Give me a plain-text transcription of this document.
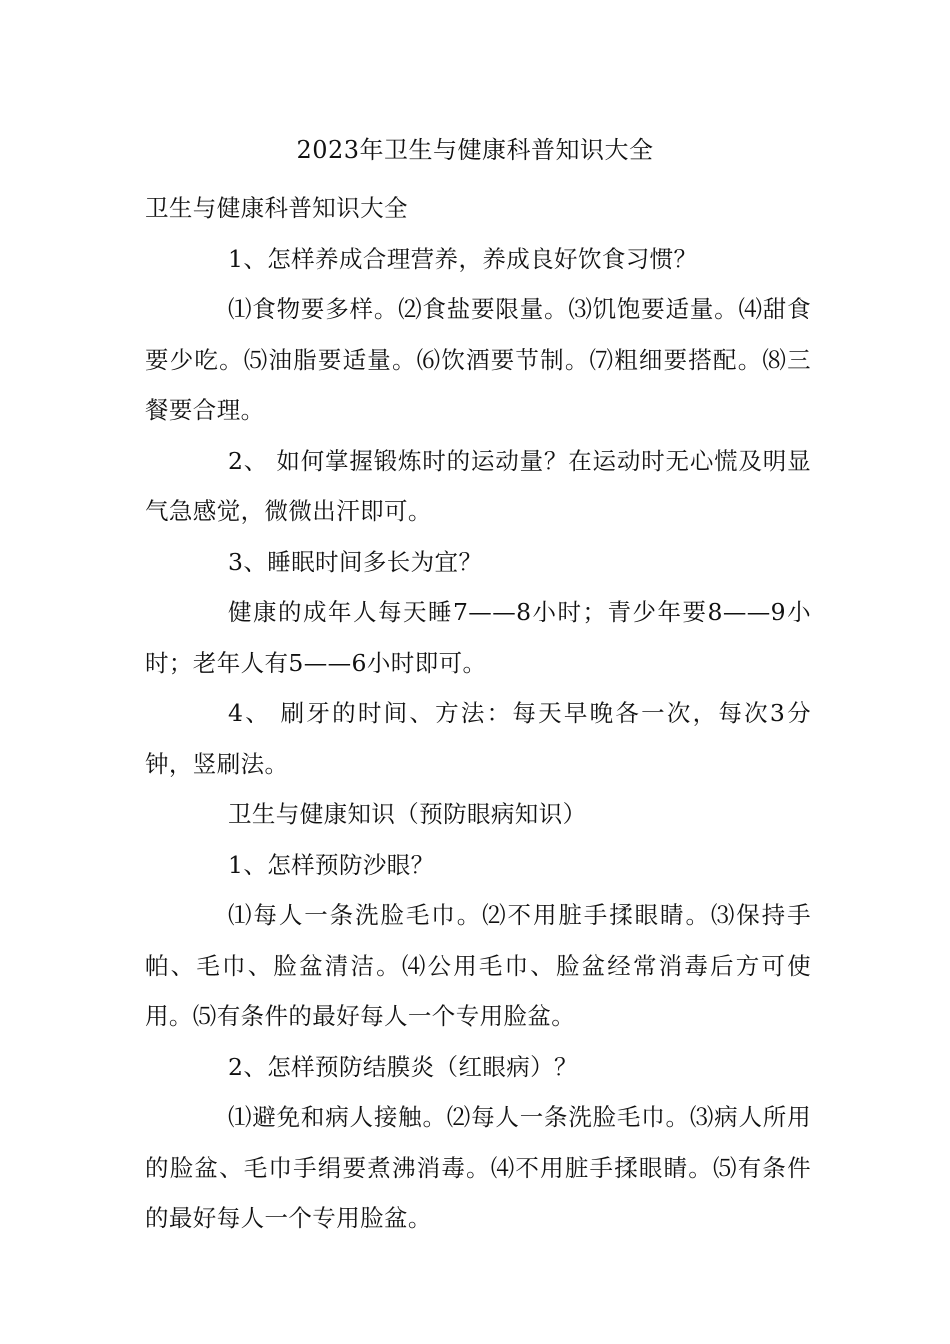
2023年卫生与健康科普知识大全

卫生与健康科普知识大全

1、怎样养成合理营养，养成良好饮食习惯？

⑴食物要多样。⑵食盐要限量。⑶饥饱要适量。⑷甜食要少吃。⑸油脂要适量。⑹饮酒要节制。⑺粗细要搭配。⑻三餐要合理。

2、 如何掌握锻炼时的运动量？在运动时无心慌及明显气急感觉，微微出汗即可。

3、睡眠时间多长为宜？

健康的成年人每天睡7——8小时；青少年要8——9小时；老年人有5——6小时即可。

4、 刷牙的时间、方法：每天早晚各一次，每次3分钟，竖刷法。

卫生与健康知识（预防眼病知识）

1、怎样预防沙眼？

⑴每人一条洗脸毛巾。⑵不用脏手揉眼睛。⑶保持手帕、毛巾、脸盆清洁。⑷公用毛巾、脸盆经常消毒后方可使用。⑸有条件的最好每人一个专用脸盆。

2、怎样预防结膜炎（红眼病）？

⑴避免和病人接触。⑵每人一条洗脸毛巾。⑶病人所用的脸盆、毛巾手绢要煮沸消毒。⑷不用脏手揉眼睛。⑸有条件的最好每人一个专用脸盆。
